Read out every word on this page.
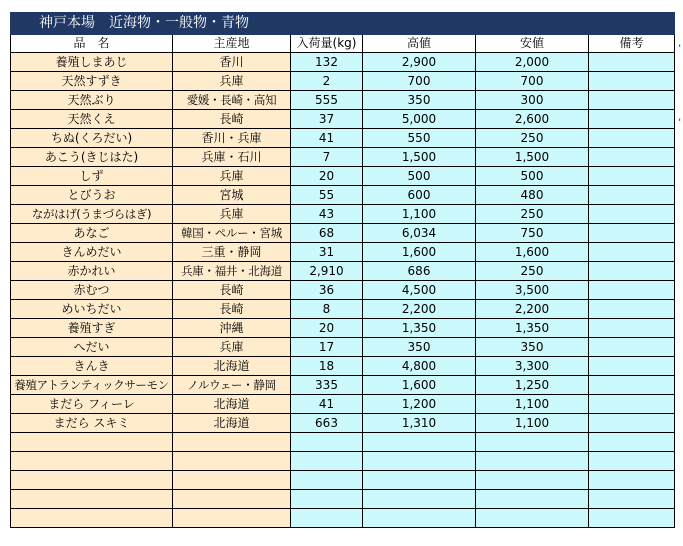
神戸本場　近海物・一般物・青物					
品　名	主産地	入荷量(kg)	高値	安値	備考
養殖しまあじ	香川	132	2,900	2,000	
天然すずき	兵庫	2	700	700	
天然ぶり	愛媛・長崎・高知	555	350	300	
天然くえ	長崎	37	5,000	2,600	
ちぬ(くろだい)	香川・兵庫	41	550	250	
あこう(きじはた)	兵庫・石川	7	1,500	1,500	
しず	兵庫	20	500	500	
とびうお	宮城	55	600	480	
ながはげ(うまづらはぎ)	兵庫	43	1,100	250	
あなご	韓国・ペルー・宮城	68	6,034	750	
きんめだい	三重・静岡	31	1,600	1,600	
赤かれい	兵庫・福井・北海道	2,910	686	250	
赤むつ	長崎	36	4,500	3,500	
めいちだい	長崎	8	2,200	2,200	
養殖すぎ	沖縄	20	1,350	1,350	
へだい	兵庫	17	350	350	
きんき	北海道	18	4,800	3,300	
養殖アトランティックサーモン	ノルウェー・静岡	335	1,600	1,250	
まだら フィーレ	北海道	41	1,200	1,100	
まだら スキミ	北海道	663	1,310	1,100	

'
'
